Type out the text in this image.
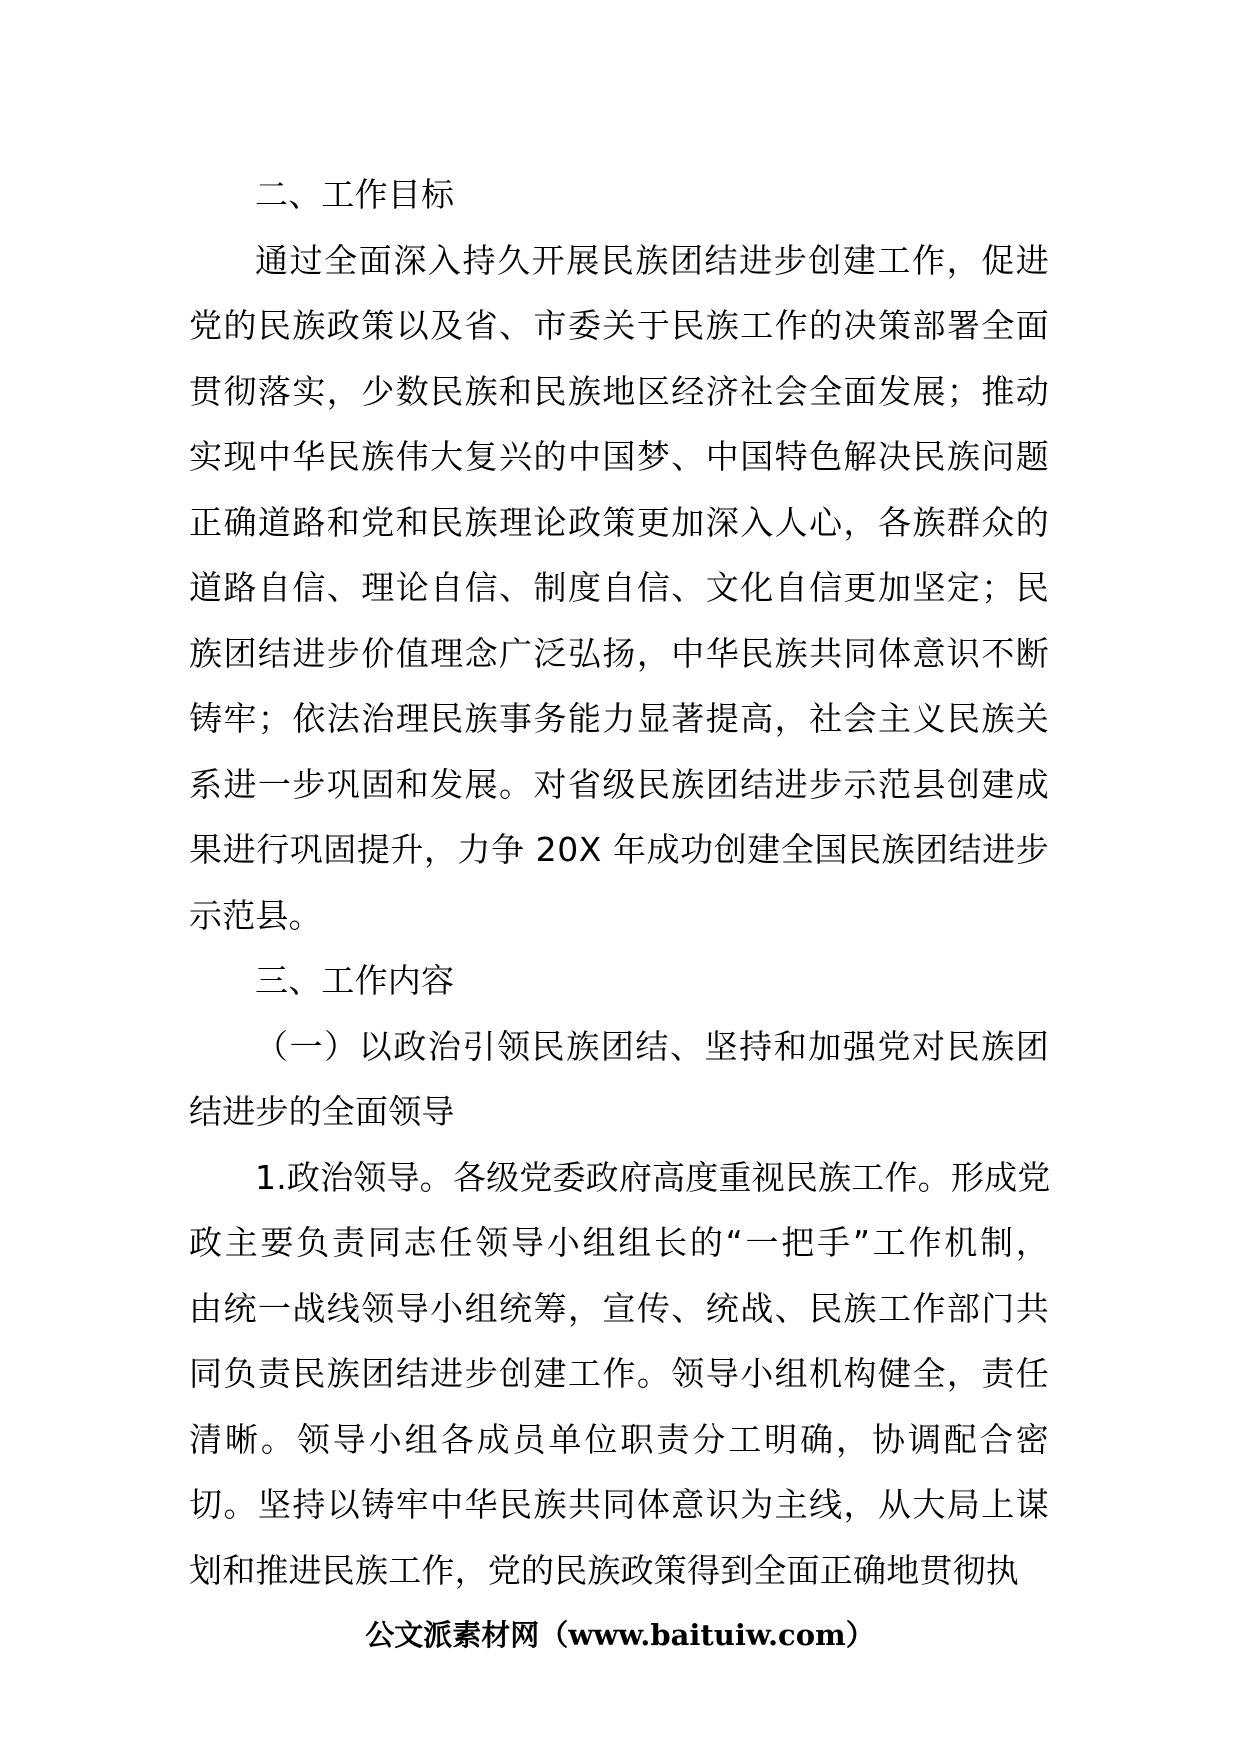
二、工作目标
通过全面深入持久开展民族团结进步创建工作，促进
党的民族政策以及省、市委关于民族工作的决策部署全面
贯彻落实，少数民族和民族地区经济社会全面发展；推动
实现中华民族伟大复兴的中国梦、中国特色解决民族问题
正确道路和党和民族理论政策更加深入人心，各族群众的
道路自信、理论自信、制度自信、文化自信更加坚定；民
族团结进步价值理念广泛弘扬，中华民族共同体意识不断
铸牢；依法治理民族事务能力显著提高，社会主义民族关
系进一步巩固和发展。对省级民族团结进步示范县创建成
果进行巩固提升，力争 20X 年成功创建全国民族团结进步
示范县。
三、工作内容
（一）以政治引领民族团结、坚持和加强党对民族团
结进步的全面领导
1.政治领导。各级党委政府高度重视民族工作。形成党
政主要负责同志任领导小组组长的“一把手”工作机制，
由统一战线领导小组统筹，宣传、统战、民族工作部门共
同负责民族团结进步创建工作。领导小组机构健全，责任
清晰。领导小组各成员单位职责分工明确，协调配合密
切。坚持以铸牢中华民族共同体意识为主线，从大局上谋
划和推进民族工作，党的民族政策得到全面正确地贯彻执
公文派素材网（www.baituiw.com）
